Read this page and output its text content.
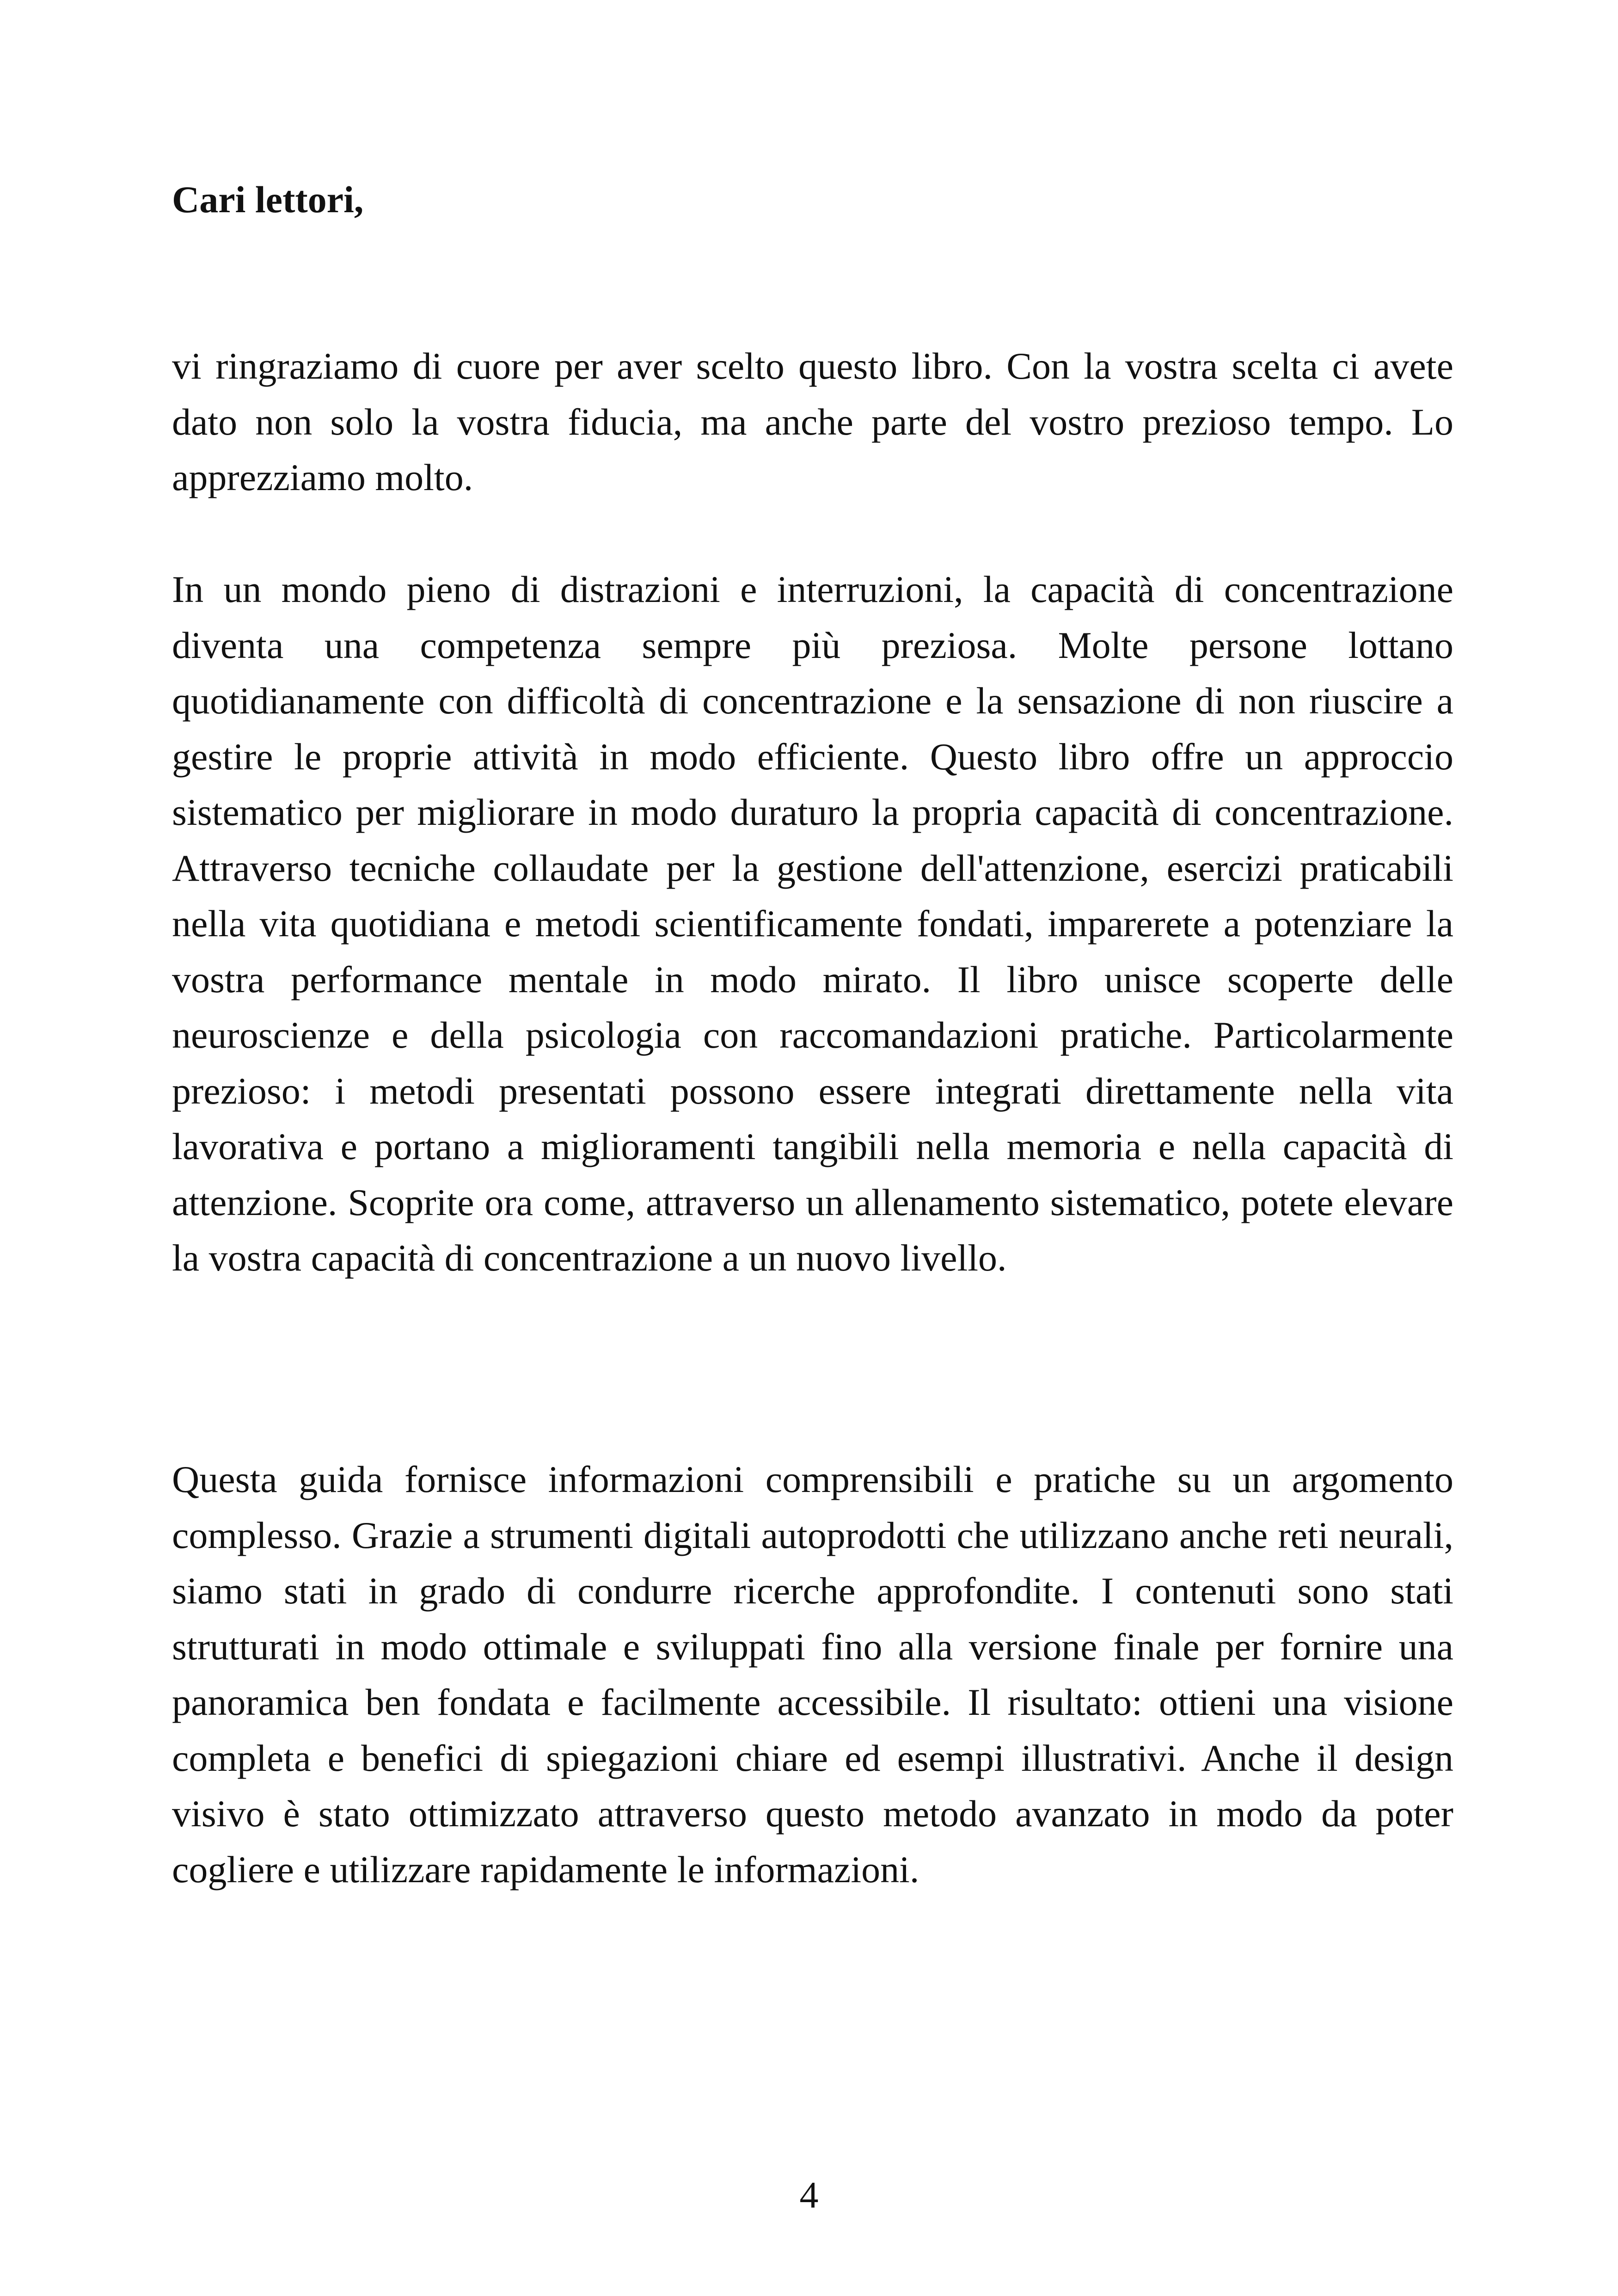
Cari lettori,

vi ringraziamo di cuore per aver scelto questo libro. Con la vostra scelta ci avete dato non solo la vostra fiducia, ma anche parte del vostro prezioso tempo. Lo apprezziamo molto.

In un mondo pieno di distrazioni e interruzioni, la capacità di concentrazione diventa una competenza sempre più preziosa. Molte persone lottano quotidianamente con difficoltà di concentrazione e la sensazione di non riuscire a gestire le proprie attività in modo efficiente. Questo libro offre un approccio sistematico per migliorare in modo duraturo la propria capacità di concentrazione. Attraverso tecniche collaudate per la gestione dell'attenzione, esercizi praticabili nella vita quotidiana e metodi scientificamente fondati, imparerete a potenziare la vostra performance mentale in modo mirato. Il libro unisce scoperte delle neuroscienze e della psicologia con raccomandazioni pratiche. Particolarmente prezioso: i metodi presentati possono essere integrati direttamente nella vita lavorativa e portano a miglioramenti tangibili nella memoria e nella capacità di attenzione. Scoprite ora come, attraverso un allenamento sistematico, potete elevare la vostra capacità di concentrazione a un nuovo livello.

Questa guida fornisce informazioni comprensibili e pratiche su un argomento complesso. Grazie a strumenti digitali autoprodotti che utilizzano anche reti neurali, siamo stati in grado di condurre ricerche approfondite. I contenuti sono stati strutturati in modo ottimale e sviluppati fino alla versione finale per fornire una panoramica ben fondata e facilmente accessibile. Il risultato: ottieni una visione completa e benefici di spiegazioni chiare ed esempi illustrativi. Anche il design visivo è stato ottimizzato attraverso questo metodo avanzato in modo da poter cogliere e utilizzare rapidamente le informazioni.

4
